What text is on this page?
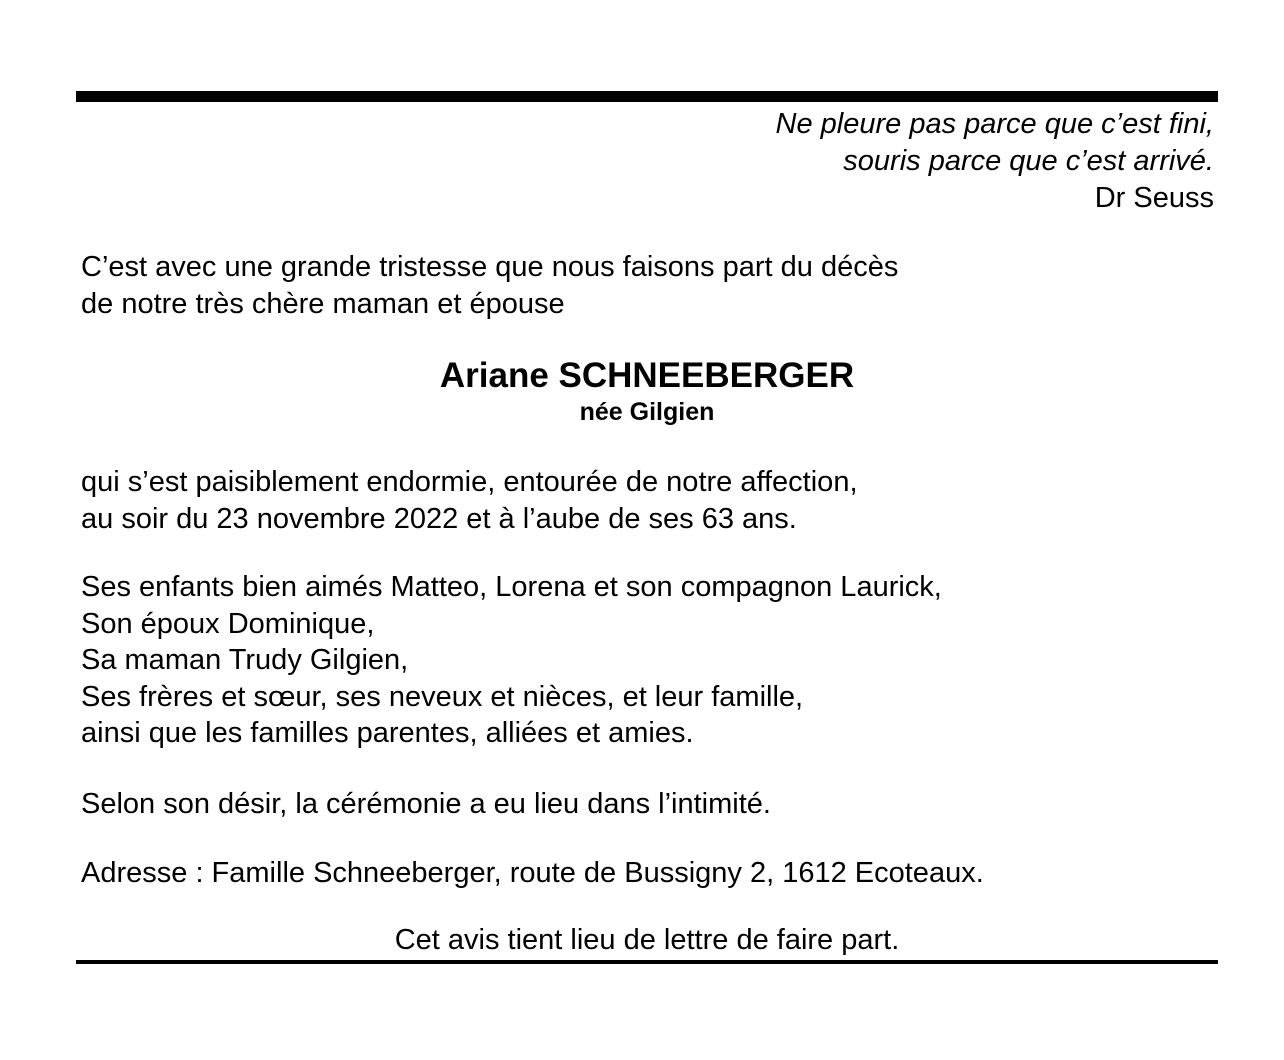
Ne pleure pas parce que c’est fini,
souris parce que c’est arrivé.
Dr Seuss
C’est avec une grande tristesse que nous faisons part du décès
de notre très chère maman et épouse
Ariane SCHNEEBERGER
née Gilgien
qui s’est paisiblement endormie, entourée de notre affection,
au soir du 23 novembre 2022 et à l’aube de ses 63 ans.
Ses enfants bien aimés Matteo, Lorena et son compagnon Laurick,
Son époux Dominique,
Sa maman Trudy Gilgien,
Ses frères et sœur, ses neveux et nièces, et leur famille,
ainsi que les familles parentes, alliées et amies.
Selon son désir, la cérémonie a eu lieu dans l’intimité.
Adresse : Famille Schneeberger, route de Bussigny 2, 1612 Ecoteaux.
Cet avis tient lieu de lettre de faire part.
